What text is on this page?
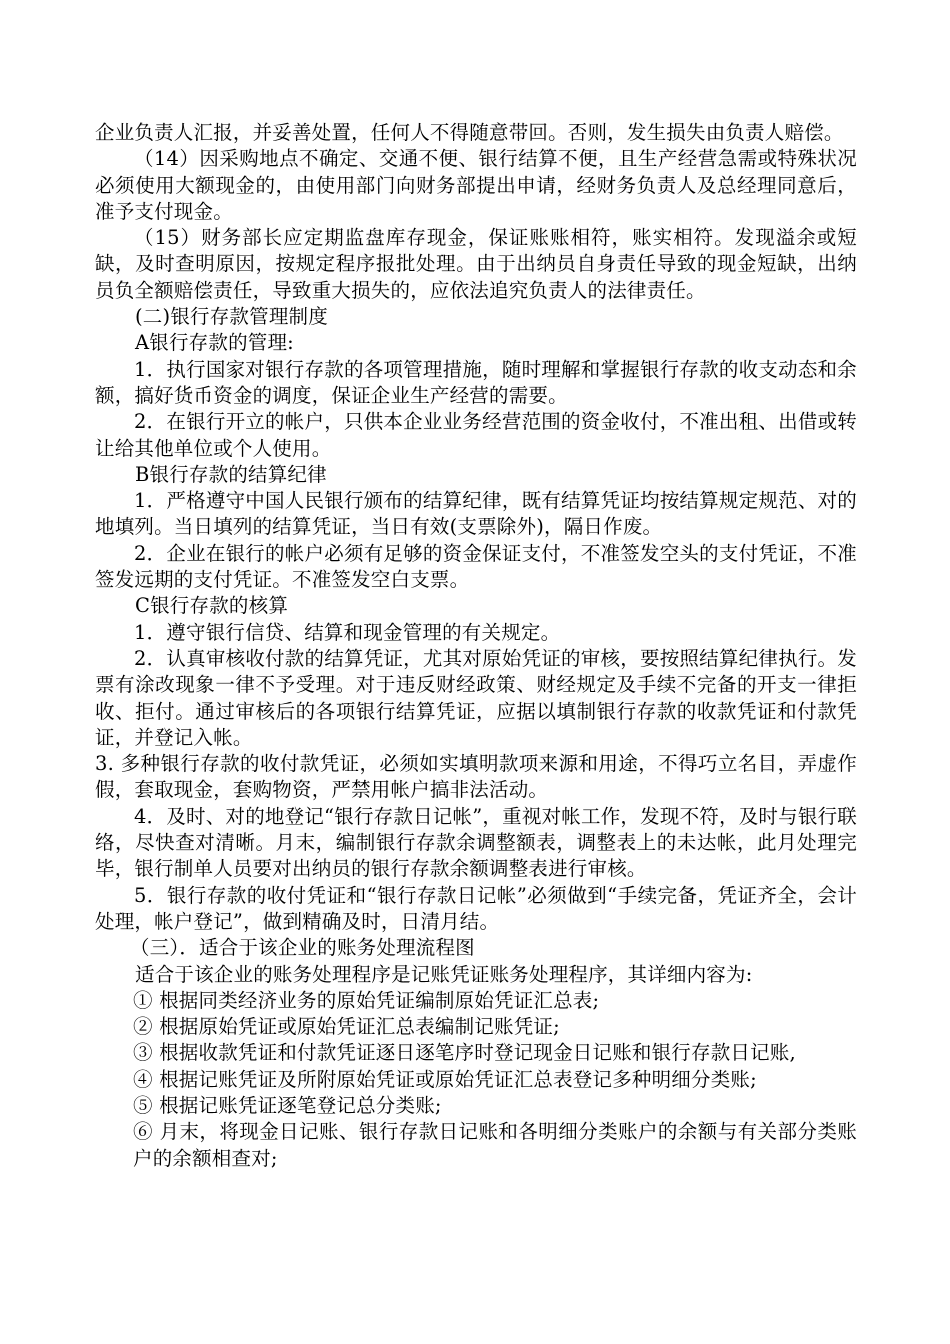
企业负责人汇报，并妥善处置，任何人不得随意带回。否则，发生损失由负责人赔偿。

（14）因采购地点不确定、交通不便、银行结算不便，且生产经营急需或特殊状况必须使用大额现金的，由使用部门向财务部提出申请，经财务负责人及总经理同意后，准予支付现金。

（15）财务部长应定期监盘库存现金，保证账账相符，账实相符。发现溢余或短缺，及时查明原因，按规定程序报批处理。由于出纳员自身责任导致的现金短缺，出纳员负全额赔偿责任，导致重大损失的，应依法追究负责人的法律责任。

(二)银行存款管理制度

A银行存款的管理:

1．执行国家对银行存款的各项管理措施，随时理解和掌握银行存款的收支动态和余额，搞好货币资金的调度，保证企业生产经营的需要。

2．在银行开立的帐户，只供本企业业务经营范围的资金收付，不准出租、出借或转让给其他单位或个人使用。

B银行存款的结算纪律

1．严格遵守中国人民银行颁布的结算纪律，既有结算凭证均按结算规定规范、对的地填列。当日填列的结算凭证，当日有效(支票除外)，隔日作废。

2．企业在银行的帐户必须有足够的资金保证支付，不准签发空头的支付凭证，不准签发远期的支付凭证。不准签发空白支票。

C银行存款的核算

1．遵守银行信贷、结算和现金管理的有关规定。

2．认真审核收付款的结算凭证，尤其对原始凭证的审核，要按照结算纪律执行。发票有涂改现象一律不予受理。对于违反财经政策、财经规定及手续不完备的开支一律拒收、拒付。通过审核后的各项银行结算凭证，应据以填制银行存款的收款凭证和付款凭证，并登记入帐。

3. 多种银行存款的收付款凭证，必须如实填明款项来源和用途，不得巧立名目，弄虚作假，套取现金，套购物资，严禁用帐户搞非法活动。

4．及时、对的地登记“银行存款日记帐”，重视对帐工作，发现不符，及时与银行联络，尽快查对清晰。月末，编制银行存款余调整额表，调整表上的未达帐，此月处理完毕，银行制单人员要对出纳员的银行存款余额调整表进行审核。

5．银行存款的收付凭证和“银行存款日记帐”必须做到“手续完备，凭证齐全，会计处理，帐户登记”，做到精确及时，日清月结。

（三）．适合于该企业的账务处理流程图

适合于该企业的账务处理程序是记账凭证账务处理程序，其详细内容为:

① 根据同类经济业务的原始凭证编制原始凭证汇总表;

② 根据原始凭证或原始凭证汇总表编制记账凭证;

③ 根据收款凭证和付款凭证逐日逐笔序时登记现金日记账和银行存款日记账,

④ 根据记账凭证及所附原始凭证或原始凭证汇总表登记多种明细分类账;

⑤ 根据记账凭证逐笔登记总分类账;

⑥ 月末，将现金日记账、银行存款日记账和各明细分类账户的余额与有关部分类账户的余额相查对;
